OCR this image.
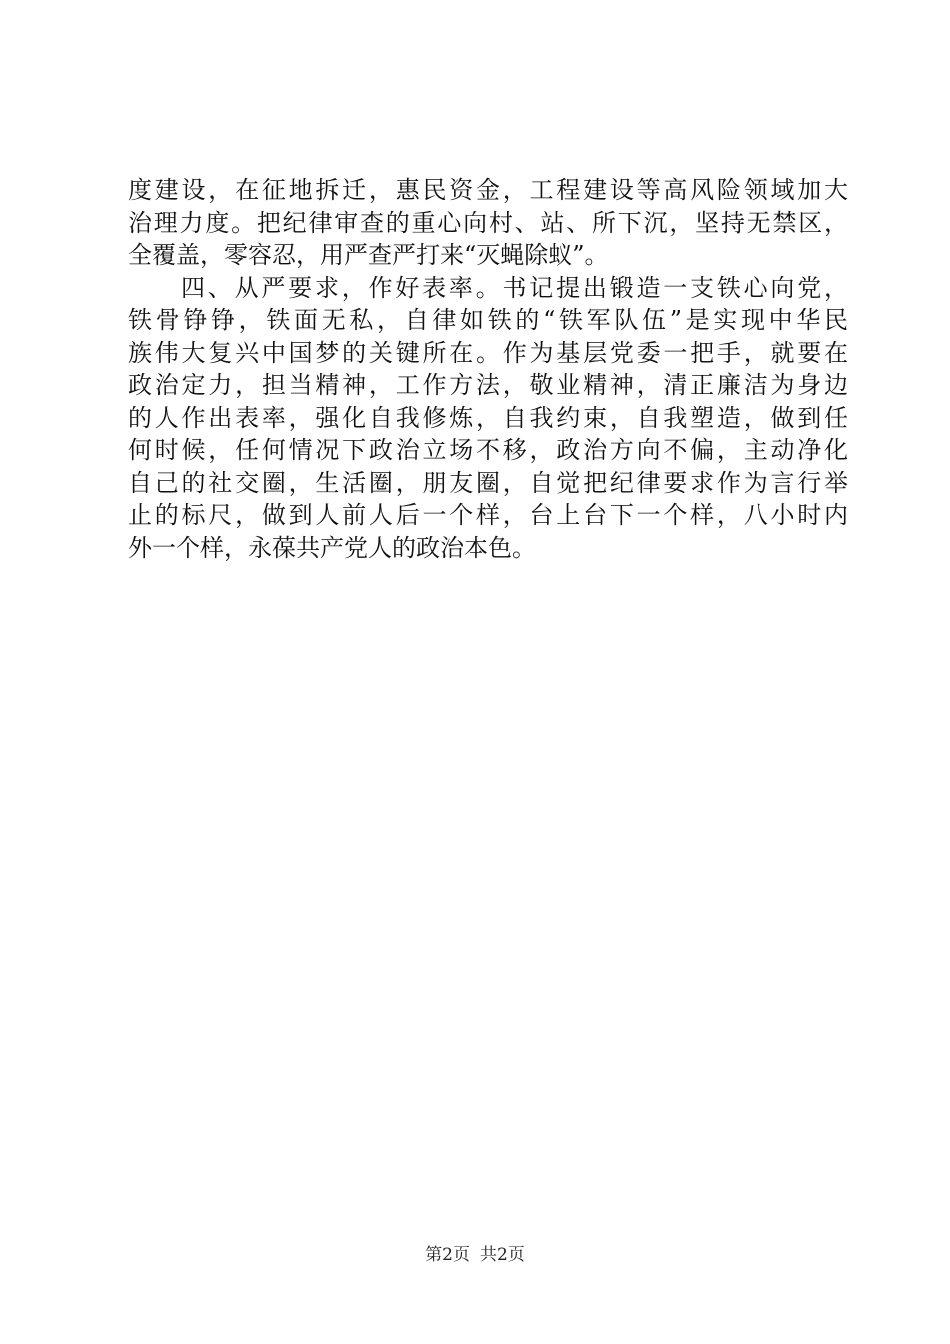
度建设，在征地拆迁，惠民资金，工程建设等高风险领域加大
治理力度。把纪律审查的重心向村、站、所下沉，坚持无禁区，
全覆盖，零容忍，用严查严打来“灭蝇除蚁”。
四、从严要求，作好表率。书记提出锻造一支铁心向党，
铁骨铮铮，铁面无私，自律如铁的“铁军队伍”是实现中华民
族伟大复兴中国梦的关键所在。作为基层党委一把手，就要在
政治定力，担当精神，工作方法，敬业精神，清正廉洁为身边
的人作出表率，强化自我修炼，自我约束，自我塑造，做到任
何时候，任何情况下政治立场不移，政治方向不偏，主动净化
自己的社交圈，生活圈，朋友圈，自觉把纪律要求作为言行举
止的标尺，做到人前人后一个样，台上台下一个样，八小时内
外一个样，永葆共产党人的政治本色。
第2页 共2页
